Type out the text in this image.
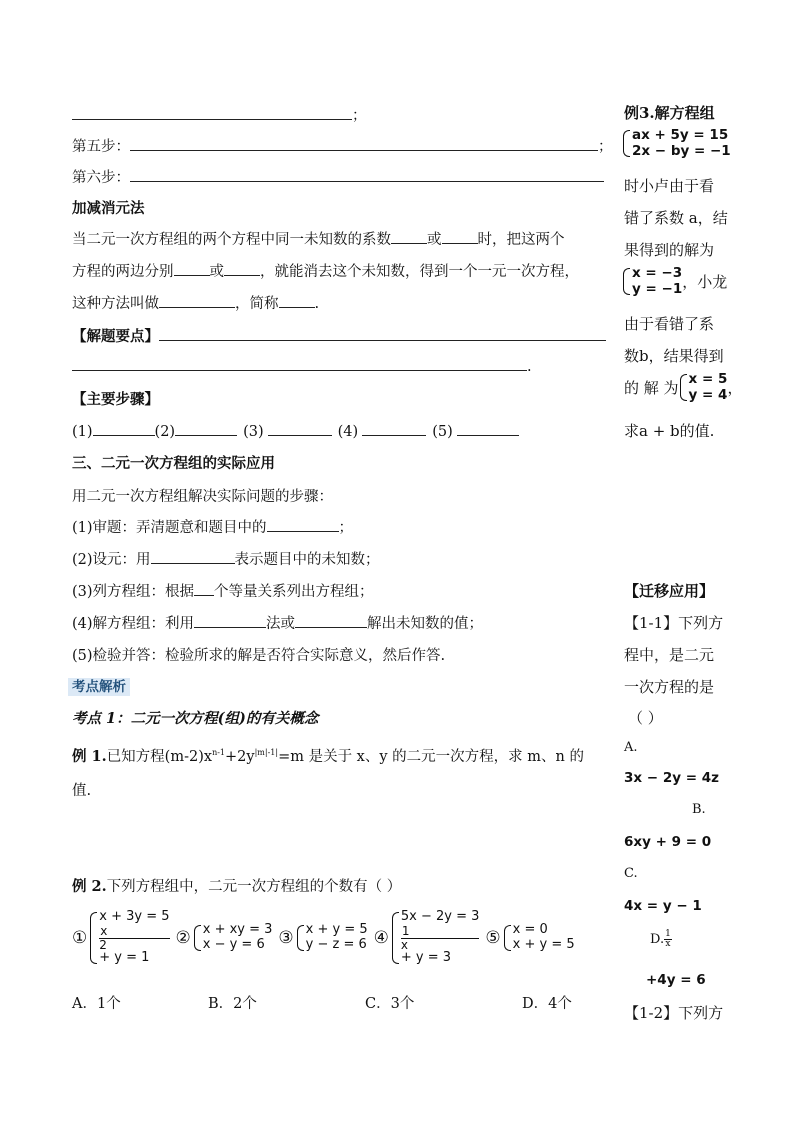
；
第五步：	；
第六步：
加减消元法
当二元一次方程组的两个方程中同一未知数的系数 或 时，把这两个
方程的两边分别 或 ，就能消去这个未知数，得到一个一元一次方程，
这种方法叫做	，简称 .
【解题要点】
.
【主要步骤】
(1)	(2)	(3)	(4)	(5)
三、二元一次方程组的实际应用
用二元一次方程组解决实际问题的步骤：
(1)审题：弄清题意和题目中的	；
(2)设元：用	表示题目中的未知数；
(3)列方程组：根据 个等量关系列出方程组；
(4)解方程组：利用	法或	解出未知数的值；
(5)检验并答：检验所求的解是否符合实际意义，然后作答.
考点解析
考点 1：二元一次方程(组)的有关概念
例 1.已知方程$(m-2)x^{n-1}+2y^{|m|-1|}=m$ 是关于 x、y 的二元一次方程，求 m、n 的
值.
例 2.下列方程组中，二元一次方程组的个数有（ ）
①
x + 3y = 5
x
2
+ y = 1
② x + xy = 3
x − y = 6 ③ x + y = 5
y − z = 6 ④
5x − 2y = 3
1
x
+ y = 3
⑤ x = 0
x + y = 5
A．1个	B．2个	C．3个	D．4个
例3.解方程组
ax + 5y = 15
2x − by = −1
时小卢由于看
错了系数 a，结
果得到的解为
x = −3
y = −1 ，小龙
由于看错了系
数b，结果得到
的 解 为
x = 5
y = 4 ，
求a + b的值.
【迁移应用】
【1-1】下列方
程中，是二元
一次方程的是
（ ）
A.
3x − 2y = 4z
B.
6xy + 9 = 0
C.
4x = y − 1
D. $\frac{1}{x}$
+4y = 6
【1-2】下列方
